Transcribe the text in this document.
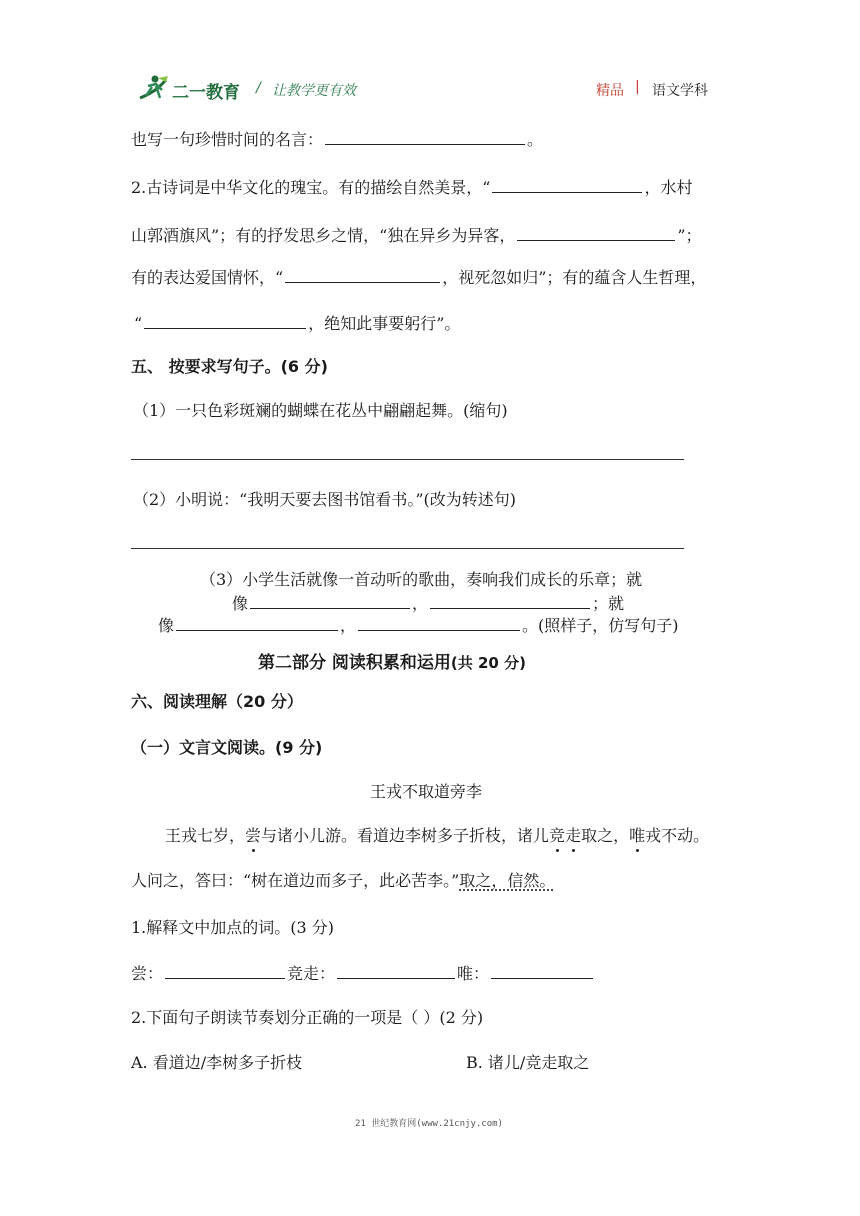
二一教育 / 让教学更有效	精品 | 语文学科
也写一句珍惜时间的名言：	。
2.古诗词是中华文化的瑰宝。有的描绘自然美景，“	，水村
山郭酒旗风”；有的抒发思乡之情，“独在异乡为异客，	”；
有的表达爱国情怀，“	，视死忽如归”；有的蕴含人生哲理，
“	，绝知此事要躬行”。
五、 按要求写句子。(6 分)
（1）一只色彩斑斓的蝴蝶在花丛中翩翩起舞。(缩句)
（2）小明说：“我明天要去图书馆看书。”(改为转述句)
（3）小学生活就像一首动听的歌曲，奏响我们成长的乐章；就
像	，	；就
像	，	。(照样子，仿写句子)
第二部分 阅读积累和运用(共 20 分)
六、阅读理解（20 分）
（一）文言文阅读。(9 分)
王戎不取道旁李
王戎七岁，尝与诸小儿游。看道边李树多子折枝，诸儿竞走取之，唯戎不动。
人问之，答曰：“树在道边而多子，此必苦李。”取之，信然。
1.解释文中加点的词。(3 分)
尝：	竞走：	唯：
2.下面句子朗读节奏划分正确的一项是（ ）(2 分)
A. 看道边/李树多子折枝	B. 诸儿/竞走取之
21 世纪教育网(www.21cnjy.com)
